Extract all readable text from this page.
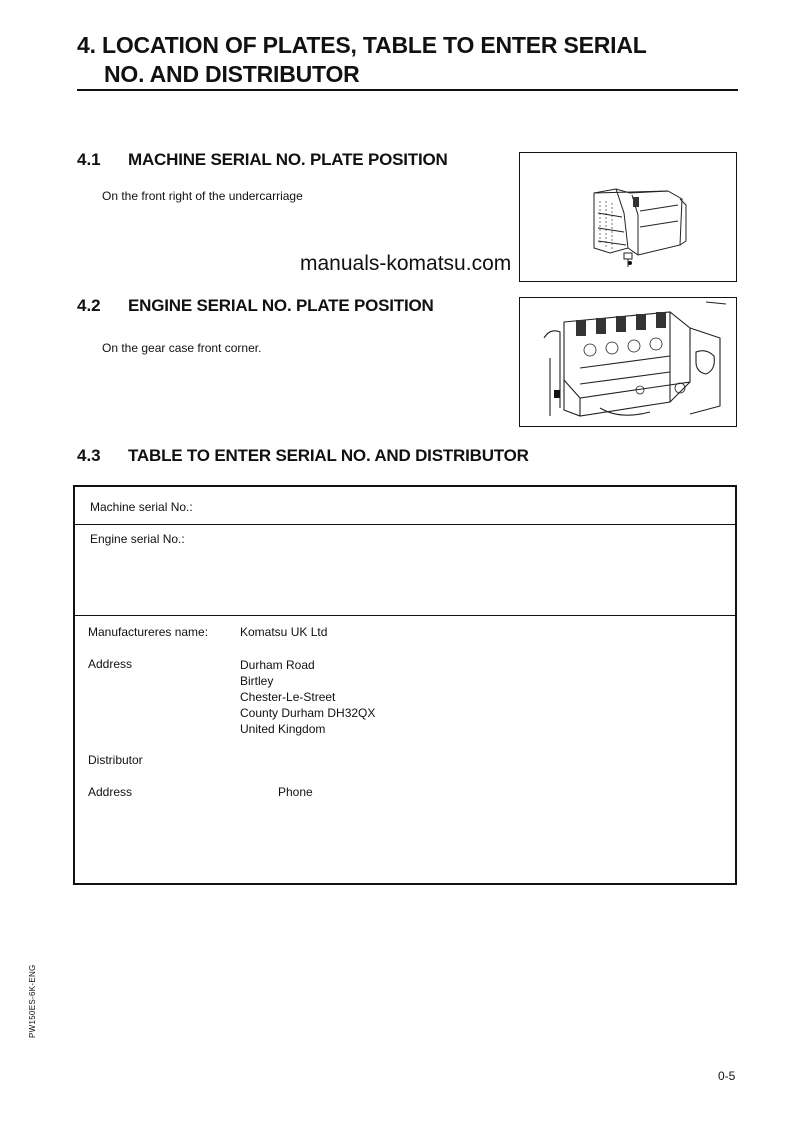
4. LOCATION OF PLATES, TABLE TO ENTER SERIAL
NO. AND DISTRIBUTOR
4.1 MACHINE SERIAL NO. PLATE POSITION
On the front right of the undercarriage
manuals-komatsu.com
4.2 ENGINE SERIAL NO. PLATE POSITION
On the gear case front corner.
4.3 TABLE TO ENTER SERIAL NO. AND DISTRIBUTOR
Machine serial No.:
Engine serial No.:
Manufactureres name:	Komatsu UK Ltd
Address	Durham Road
Birtley
Chester-Le-Street
County Durham DH32QX
United Kingdom
Distributor
Address	Phone
PW150ES-6K-ENG
0-5
